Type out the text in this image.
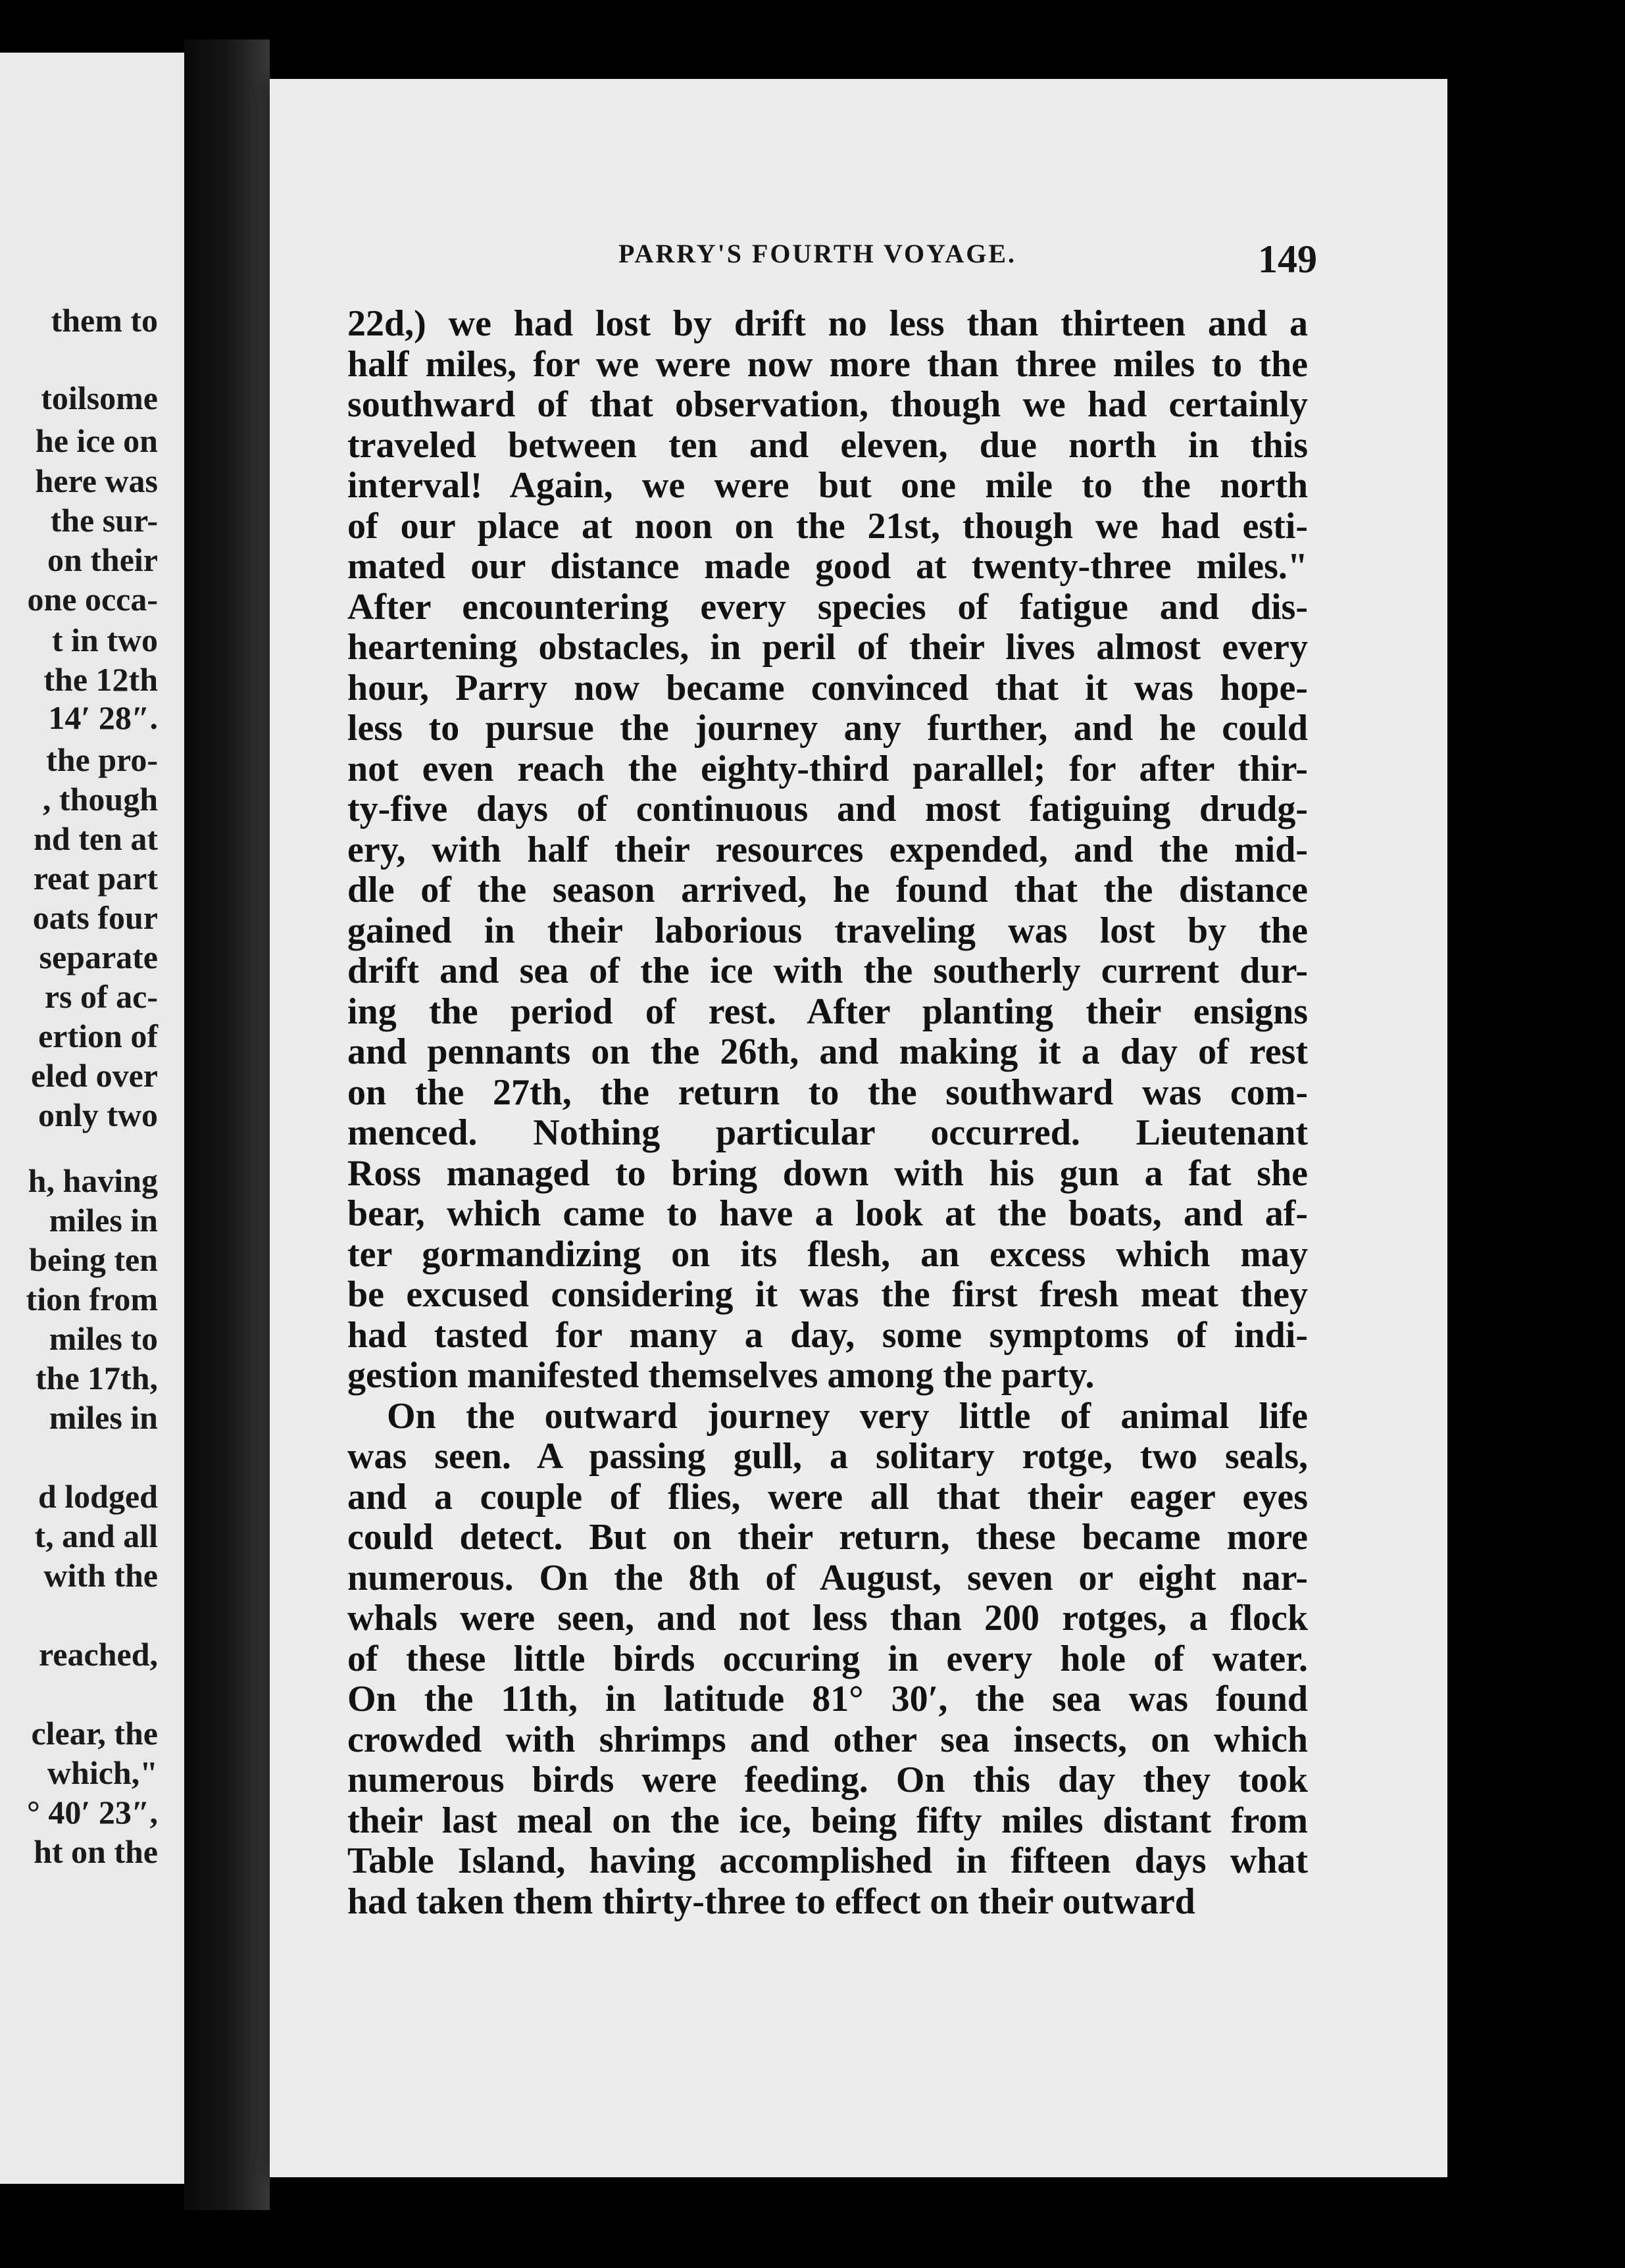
them to
toilsome
he ice on
here was
the sur-
on their
one occa-
t in two
the 12th
14′ 28″.
the pro-
, though
nd ten at
reat part
oats four
separate
rs of ac-
ertion of
eled over
only two
h, having
miles in
being ten
tion from
miles to
the 17th,
miles in
d lodged
t, and all
with the
reached,
clear, the
which,"
° 40′ 23″,
ht on the
PARRY'S FOURTH VOYAGE.	149

22d,) we had lost by drift no less than thirteen and a
half miles, for we were now more than three miles to the
southward of that observation, though we had certainly
traveled between ten and eleven, due north in this
interval! Again, we were but one mile to the north
of our place at noon on the 21st, though we had esti-
mated our distance made good at twenty-three miles."
After encountering every species of fatigue and dis-
heartening obstacles, in peril of their lives almost every
hour, Parry now became convinced that it was hope-
less to pursue the journey any further, and he could
not even reach the eighty-third parallel; for after thir-
ty-five days of continuous and most fatiguing drudg-
ery, with half their resources expended, and the mid-
dle of the season arrived, he found that the distance
gained in their laborious traveling was lost by the
drift and sea of the ice with the southerly current dur-
ing the period of rest. After planting their ensigns
and pennants on the 26th, and making it a day of rest
on the 27th, the return to the southward was com-
menced. Nothing particular occurred. Lieutenant
Ross managed to bring down with his gun a fat she
bear, which came to have a look at the boats, and af-
ter gormandizing on its flesh, an excess which may
be excused considering it was the first fresh meat they
had tasted for many a day, some symptoms of indi-
gestion manifested themselves among the party.

On the outward journey very little of animal life
was seen. A passing gull, a solitary rotge, two seals,
and a couple of flies, were all that their eager eyes
could detect. But on their return, these became more
numerous. On the 8th of August, seven or eight nar-
whals were seen, and not less than 200 rotges, a flock
of these little birds occuring in every hole of water.
On the 11th, in latitude 81° 30′, the sea was found
crowded with shrimps and other sea insects, on which
numerous birds were feeding. On this day they took
their last meal on the ice, being fifty miles distant from
Table Island, having accomplished in fifteen days what
had taken them thirty-three to effect on their outward
